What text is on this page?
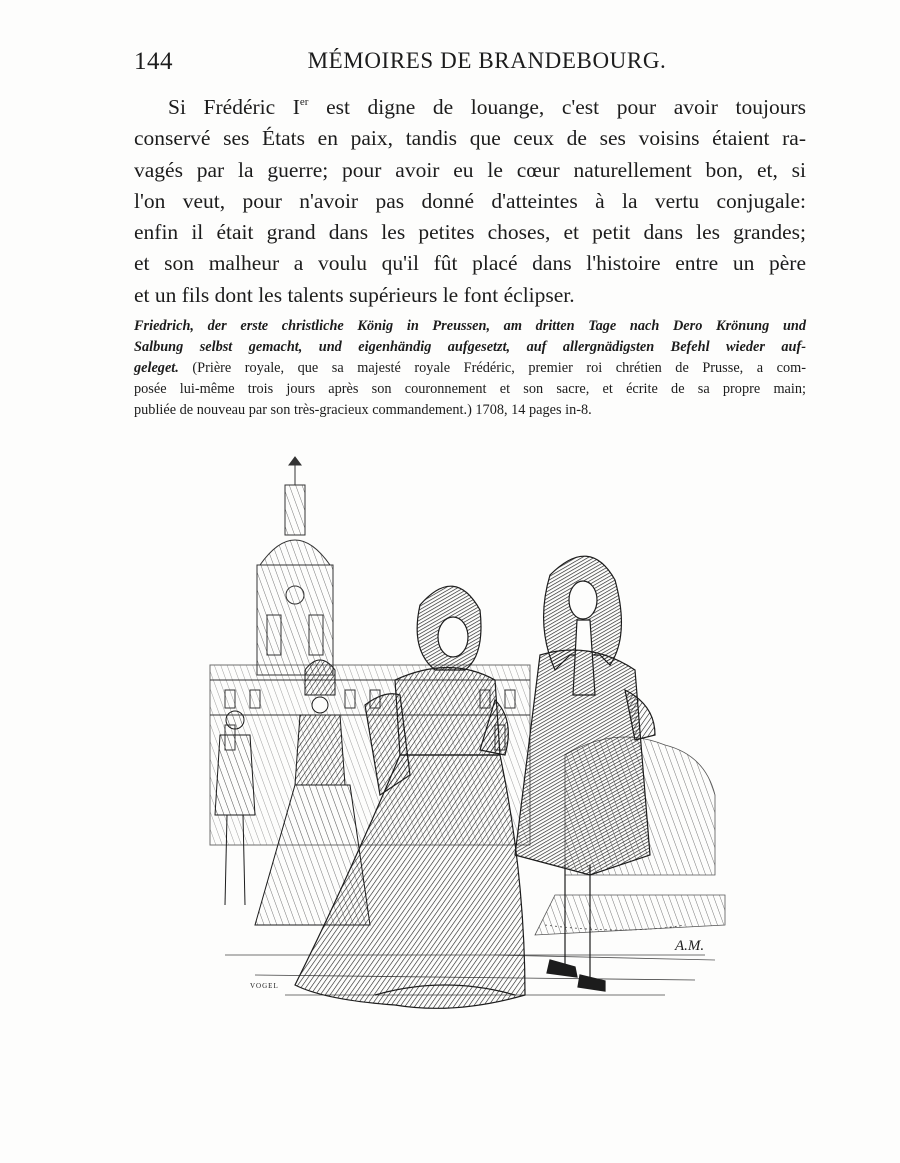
144	MÉMOIRES DE BRANDEBOURG.
Si Frédéric Ier est digne de louange, c'est pour avoir toujours
conservé ses États en paix, tandis que ceux de ses voisins étaient ra-
vagés par la guerre; pour avoir eu le cœur naturellement bon, et, si
l'on veut, pour n'avoir pas donné d'atteintes à la vertu conjugale:
enfin il était grand dans les petites choses, et petit dans les grandes;
et son malheur a voulu qu'il fût placé dans l'histoire entre un père
et un fils dont les talents supérieurs le font éclipser.
Friedrich, der erste christliche König in Preussen, am dritten Tage nach Dero Krönung und
Salbung selbst gemacht, und eigenhändig aufgesetzt, auf allergnädigsten Befehl wieder auf-
geleget. (Prière royale, que sa majesté royale Frédéric, premier roi chrétien de Prusse, a com-
posée lui-même trois jours après son couronnement et son sacre, et écrite de sa propre main;
publiée de nouveau par son très-gracieux commandement.) 1708, 14 pages in-8.
A.M.
VOGEL
